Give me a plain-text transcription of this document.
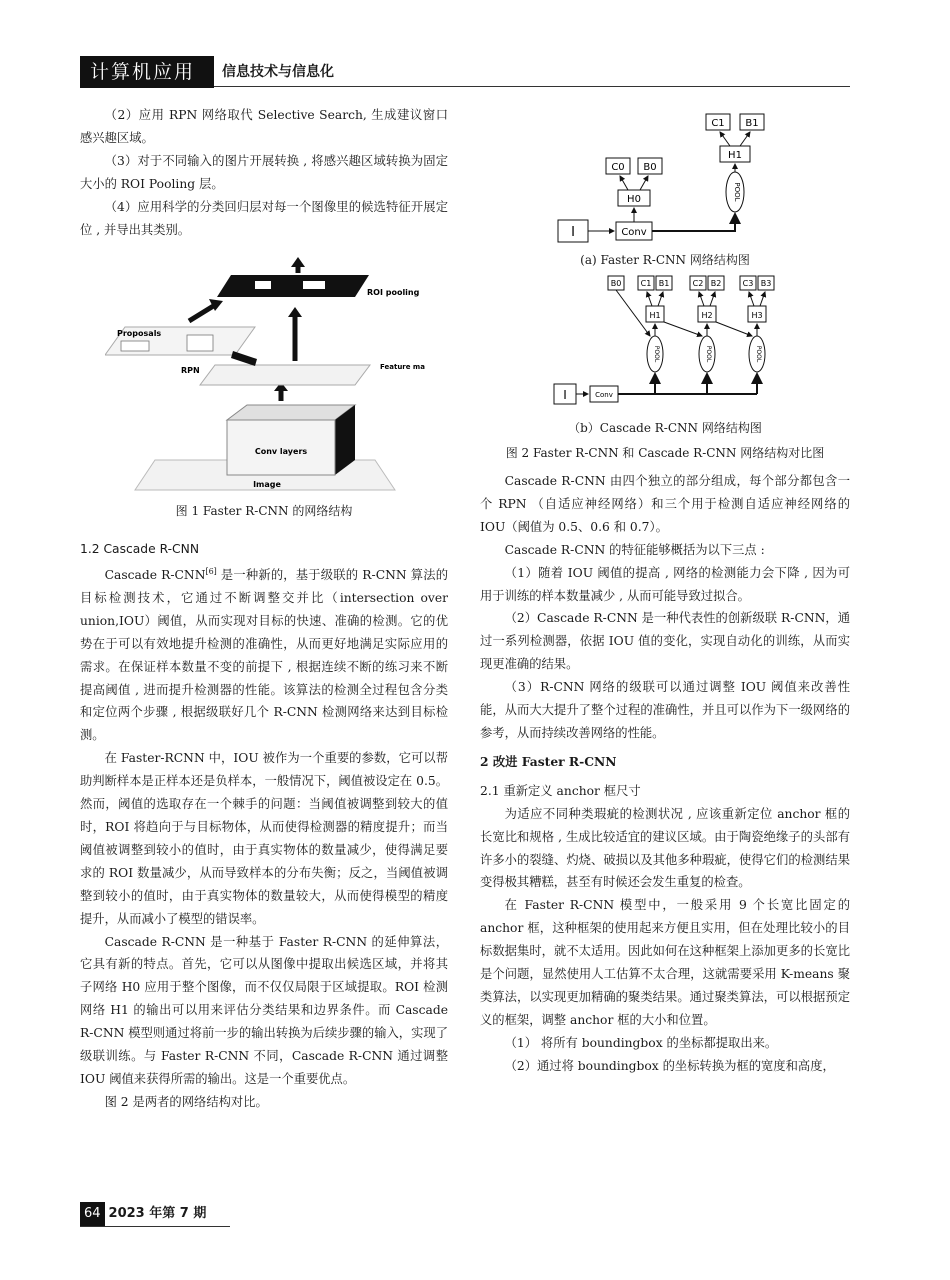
计算机应用	信息技术与信息化

（2）应用 RPN 网络取代 Selective Search, 生成建议窗口感兴趣区域。

（3）对于不同输入的图片开展转换 , 将感兴趣区域转换为固定大小的 ROI Pooling 层。

（4）应用科学的分类回归层对每一个图像里的候选特征开展定位 , 并导出其类别。

Image
Conv layers
Feature ma
RPN
Proposals
ROI pooling
图 1 Faster R-CNN 的网络结构

1.2 Cascade R-CNN

Cascade R-CNN[6] 是一种新的，基于级联的 R-CNN 算法的目标检测技术，它通过不断调整交并比（intersection over union,IOU）阈值，从而实现对目标的快速、准确的检测。它的优势在于可以有效地提升检测的准确性，从而更好地满足实际应用的需求。在保证样本数量不变的前提下 , 根据连续不断的练习来不断提高阈值 , 进而提升检测器的性能。该算法的检测全过程包含分类和定位两个步骤 , 根据级联好几个 R-CNN 检测网络来达到目标检测。

在 Faster-RCNN 中，IOU 被作为一个重要的参数，它可以帮助判断样本是正样本还是负样本，一般情况下，阈值被设定在 0.5。然而，阈值的选取存在一个棘手的问题：当阈值被调整到较大的值时，ROI 将趋向于与目标物体，从而使得检测器的精度提升；而当阈值被调整到较小的值时，由于真实物体的数量减少，使得满足要求的 ROI 数量减少，从而导致样本的分布失衡；反之，当阈值被调整到较小的值时，由于真实物体的数量较大，从而使得模型的精度提升，从而减小了模型的错误率。

Cascade R-CNN 是一种基于 Faster R-CNN 的延伸算法，它具有新的特点。首先，它可以从图像中提取出候选区域，并将其子网络 H0 应用于整个图像，而不仅仅局限于区域提取。ROI 检测网络 H1 的输出可以用来评估分类结果和边界条件。而 Cascade R-CNN 模型则通过将前一步的输出转换为后续步骤的输入，实现了级联训练。与 Faster R-CNN 不同，Cascade R-CNN 通过调整 IOU 阈值来获得所需的输出。这是一个重要优点。

图 2 是两者的网络结构对比。

C1 B1
H1
POOL
C0 B0
H0
I	Conv
(a) Faster R-CNN 网络结构图
B0 C1 B1	C2 B2	C3 B3
H1	H2	H3
POOL	POOL	POOL
I	Conv
（b）Cascade R-CNN 网络结构图
图 2 Faster R-CNN 和 Cascade R-CNN 网络结构对比图

Cascade R-CNN 由四个独立的部分组成，每个部分都包含一个 RPN （自适应神经网络）和三个用于检测自适应神经网络的 IOU（阈值为 0.5、0.6 和 0.7）。

Cascade R-CNN 的特征能够概括为以下三点 :

（1）随着 IOU 阈值的提高 , 网络的检测能力会下降 , 因为可用于训练的样本数量减少 , 从而可能导致过拟合。

（2）Cascade R-CNN 是一种代表性的创新级联 R-CNN，通过一系列检测器，依据 IOU 值的变化，实现自动化的训练，从而实现更准确的结果。

（3）R-CNN 网络的级联可以通过调整 IOU 阈值来改善性能，从而大大提升了整个过程的准确性，并且可以作为下一级网络的参考，从而持续改善网络的性能。

2 改进 Faster R-CNN

2.1 重新定义 anchor 框尺寸

为适应不同种类瑕疵的检测状况 , 应该重新定位 anchor 框的长宽比和规格 , 生成比较适宜的建议区域。由于陶瓷绝缘子的头部有许多小的裂缝、灼烧、破损以及其他多种瑕疵，使得它们的检测结果变得极其糟糕，甚至有时候还会发生重复的检查。

在 Faster R-CNN 模型中，一般采用 9 个长宽比固定的 anchor 框，这种框架的使用起来方便且实用，但在处理比较小的目标数据集时，就不太适用。因此如何在这种框架上添加更多的长宽比是个问题，显然使用人工估算不太合理，这就需要采用 K-means 聚类算法，以实现更加精确的聚类结果。通过聚类算法，可以根据预定义的框架，调整 anchor 框的大小和位置。

（1） 将所有 boundingbox 的坐标都提取出来。

（2）通过将 boundingbox 的坐标转换为框的宽度和高度，

64 2023 年第 7 期
